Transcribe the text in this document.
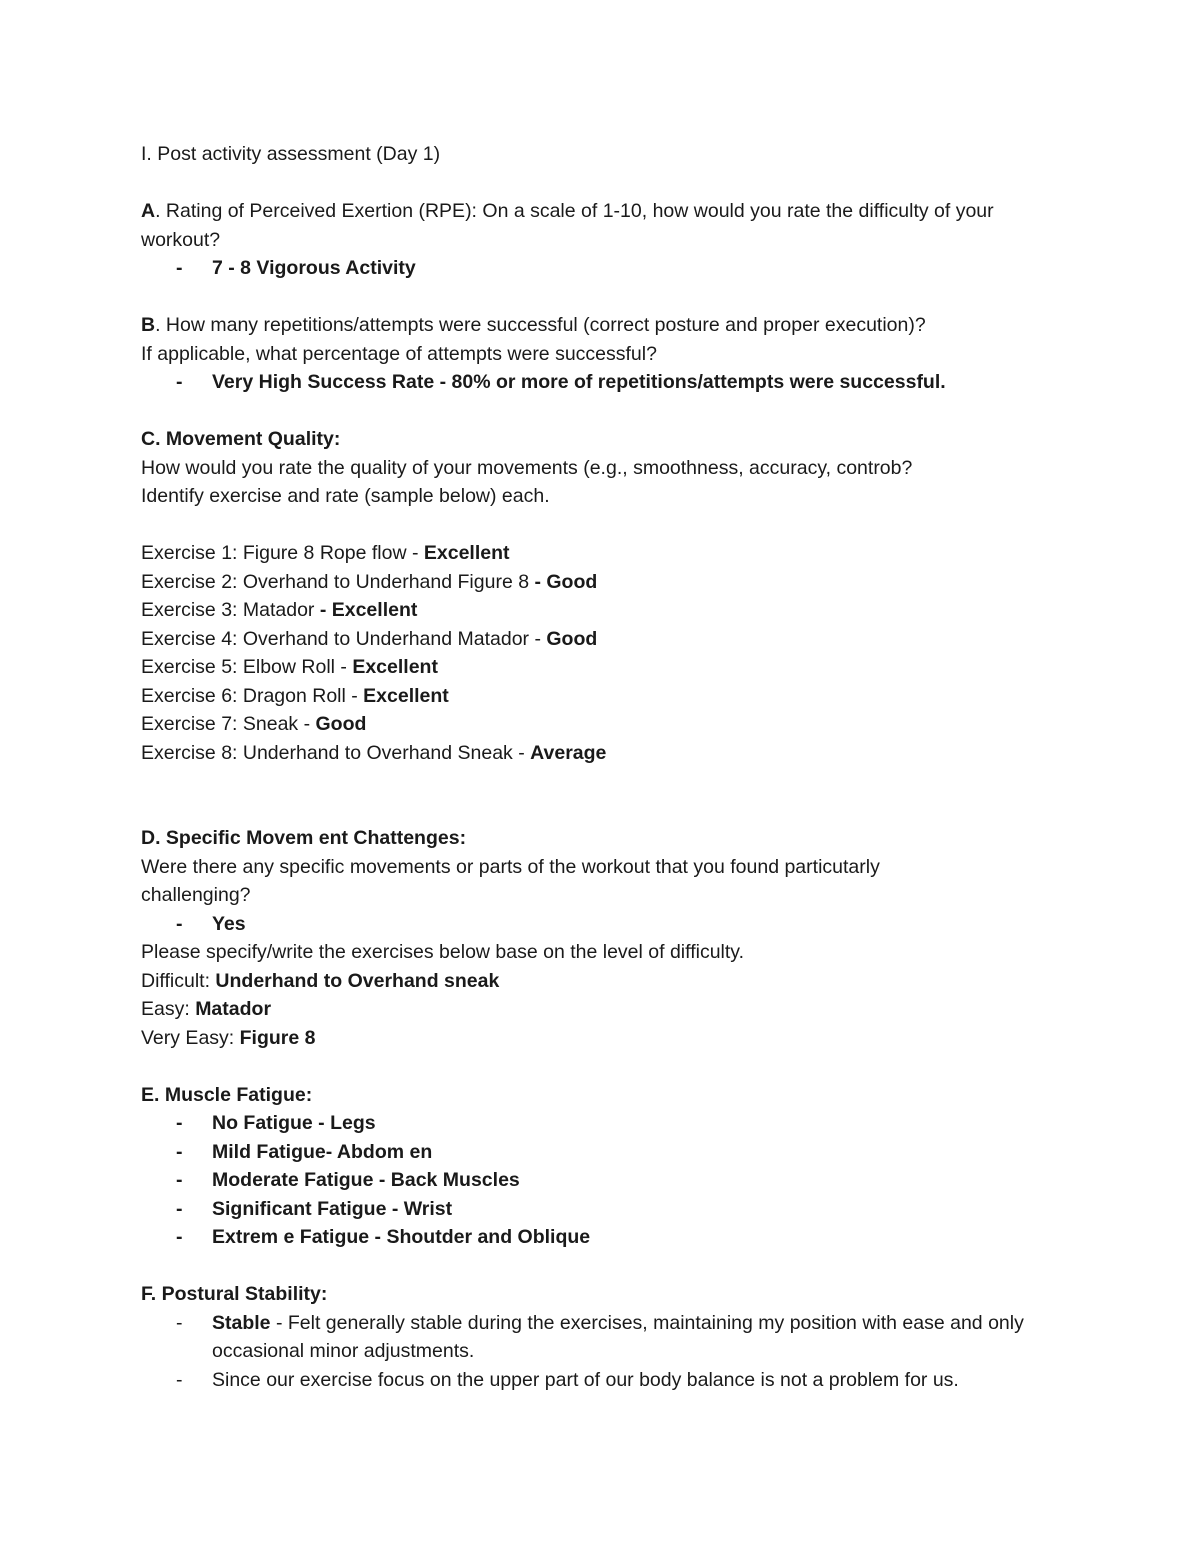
I. Post activity assessment (Day 1)
A. Rating of Perceived Exertion (RPE): On a scale of 1-10, how would you rate the difficulty of your workout?
- 7 - 8 Vigorous Activity
B. How many repetitions/attempts were successful (correct posture and proper execution)?
If applicable, what percentage of attempts were successful?
- Very High Success Rate - 80% or more of repetitions/attempts were successful.
C. Movement Quality:
How would you rate the quality of your movements (e.g., smoothness, accuracy, controb?
Identify exercise and rate (sample below) each.
Exercise 1: Figure 8 Rope flow - Excellent
Exercise 2: Overhand to Underhand Figure 8 - Good
Exercise 3: Matador - Excellent
Exercise 4: Overhand to Underhand Matador - Good
Exercise 5: Elbow Roll - Excellent
Exercise 6: Dragon Roll - Excellent
Exercise 7: Sneak - Good
Exercise 8: Underhand to Overhand Sneak - Average
D. Specific Movem ent Chattenges:
Were there any specific movements or parts of the workout that you found particutarly challenging?
- Yes
Please specify/write the exercises below base on the level of difficulty.
Difficult: Underhand to Overhand sneak
Easy: Matador
Very Easy: Figure 8
E. Muscle Fatigue:
- No Fatigue - Legs
- Mild Fatigue- Abdom en
- Moderate Fatigue - Back Muscles
- Significant Fatigue - Wrist
- Extrem e Fatigue - Shoutder and Oblique
F. Postural Stability:
- Stable - Felt generally stable during the exercises, maintaining my position with ease and only occasional minor adjustments.
- Since our exercise focus on the upper part of our body balance is not a problem for us.
